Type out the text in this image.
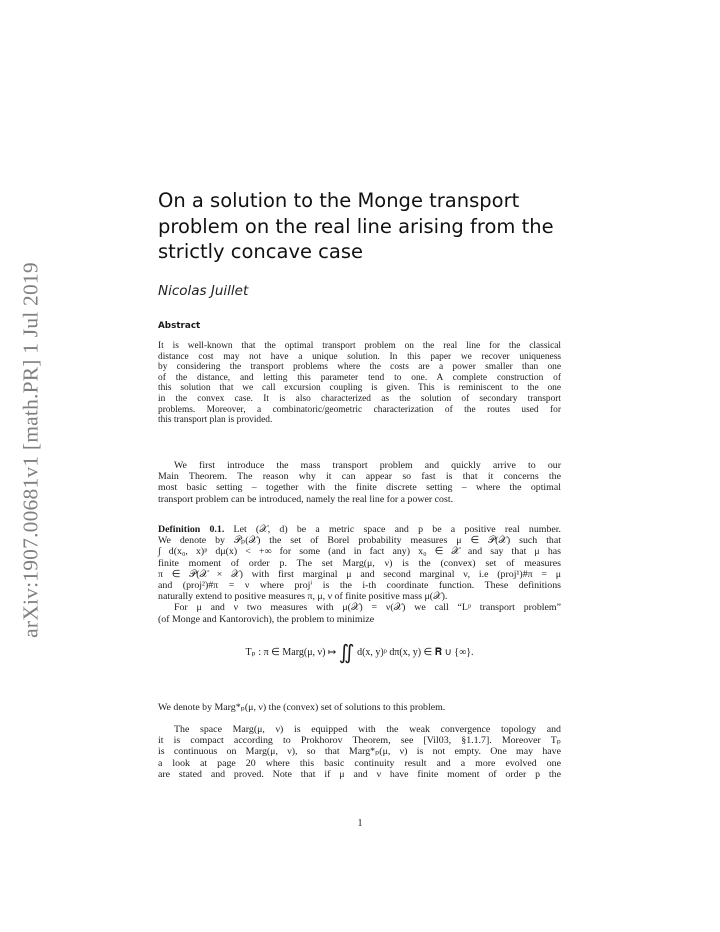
arXiv:1907.00681v1 [math.PR] 1 Jul 2019
On a solution to the Monge transport
problem on the real line arising from the
strictly concave case
Nicolas Juillet
Abstract
It is well-known that the optimal transport problem on the real line for the classical
distance cost may not have a unique solution. In this paper we recover uniqueness
by considering the transport problems where the costs are a power smaller than one
of the distance, and letting this parameter tend to one. A complete construction of
this solution that we call excursion coupling is given. This is reminiscent to the one
in the convex case. It is also characterized as the solution of secondary transport
problems. Moreover, a combinatoric/geometric characterization of the routes used for
this transport plan is provided.
We first introduce the mass transport problem and quickly arrive to our
Main Theorem. The reason why it can appear so fast is that it concerns the
most basic setting – together with the finite discrete setting – where the optimal
transport problem can be introduced, namely the real line for a power cost.
Definition 0.1. Let (𝒳, d) be a metric space and p be a positive real number.
We denote by 𝒫ₚ(𝒳) the set of Borel probability measures μ ∈ 𝒫(𝒳) such that
∫ d(x₀, x)ᵖ dμ(x) < +∞ for some (and in fact any) x₀ ∈ 𝒳 and say that μ has
finite moment of order p. The set Marg(μ, ν) is the (convex) set of measures
π ∈ 𝒫(𝒳 × 𝒳) with first marginal μ and second marginal ν, i.e (proj¹)#π = μ
and (proj²)#π = ν where projⁱ is the i-th coordinate function. These definitions
naturally extend to positive measures π, μ, ν of finite positive mass μ(𝒳).
For μ and ν two measures with μ(𝒳) = ν(𝒳) we call “Lᵖ transport problem”
(of Monge and Kantorovich), the problem to minimize
Tₚ : π ∈ Marg(μ, ν) ↦ ∬ d(x, y)ᵖ dπ(x, y) ∈ 𝐑 ∪ {∞}.
We denote by Marg*ₚ(μ, ν) the (convex) set of solutions to this problem.
The space Marg(μ, ν) is equipped with the weak convergence topology and
it is compact according to Prokhorov Theorem, see [Vil03, §1.1.7]. Moreover Tₚ
is continuous on Marg(μ, ν), so that Marg*ₚ(μ, ν) is not empty. One may have
a look at page 20 where this basic continuity result and a more evolved one
are stated and proved. Note that if μ and ν have finite moment of order p the
1
